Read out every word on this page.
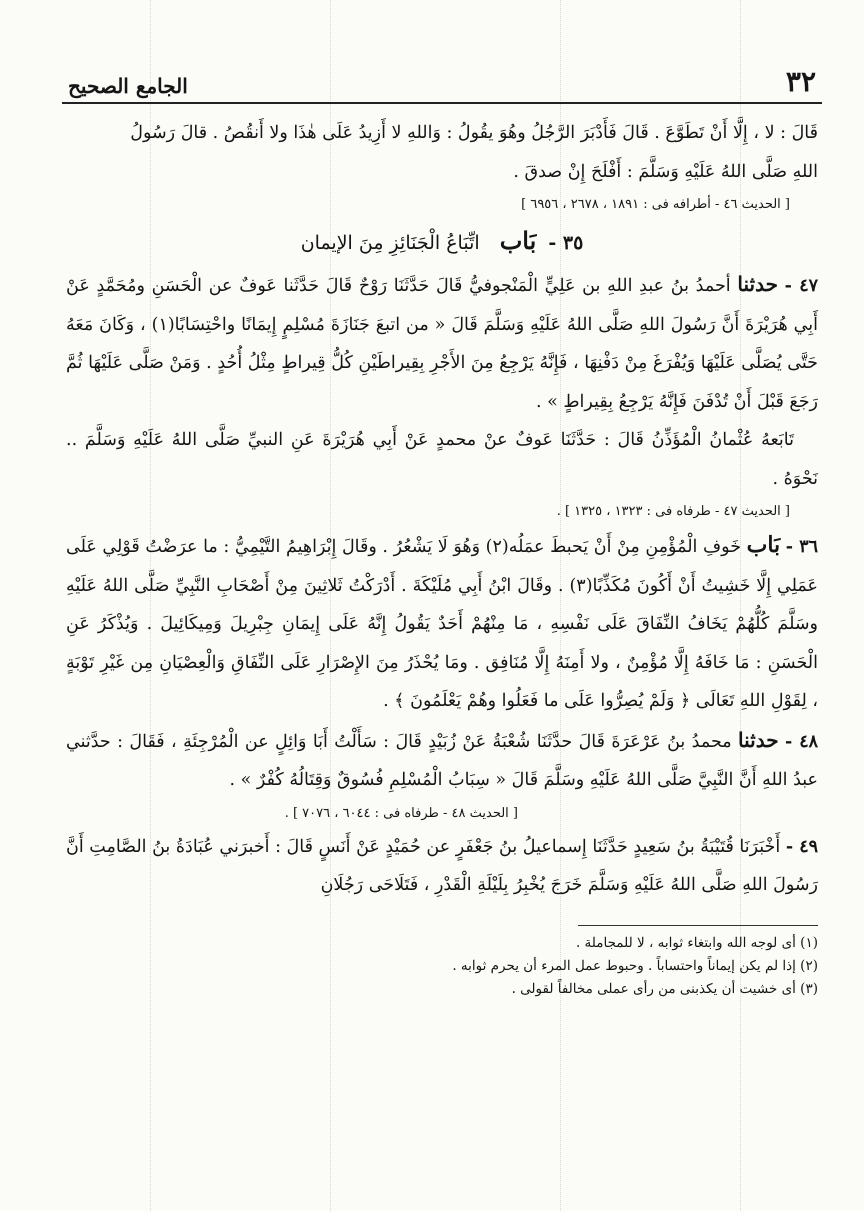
٣٢
الجامع الصحيح

قَالَ : لا ، إِلَّا أَنْ تَطَوَّعَ . قَالَ فَأَدْبَرَ الرَّجُلُ وهُوَ يقُولُ : وَاللهِ لا أَزِيدُ عَلَى هٰذَا ولا أَنقُصُ . قالَ رَسُولُ

اللهِ صَلَّى اللهُ عَلَيْهِ وَسَلَّمَ : أَفْلَحَ إِنْ صدقَ .

[ الحديث ٤٦ - أطرافه فى : ١٨٩١ ، ٢٦٧٨ ، ٦٩٥٦ ]
٣٥ - بَاب اتِّبَاعُ الْجَنَائِزِ مِنَ الإيمان

٤٧ - حدثنا أحمدُ بنُ عبدِ اللهِ بن عَلِيٍّ الْمَنْجوفيُّ قَالَ حَدَّثَنَا رَوْحٌ قَالَ حَدَّثَنا عَوفٌ عن الْحَسَنِ ومُحَمَّدٍ عَنْ أَبِي هُرَيْرَةَ أَنَّ رَسُولَ اللهِ صَلَّى اللهُ عَلَيْهِ وَسَلَّمَ قَالَ « من اتبعَ جَنَازَةَ مُسْلِمٍ إِيمَانًا واحْتِسَابًا(١) ، وَكَانَ مَعَهُ حَتَّى يُصَلَّى عَلَيْهَا وَيُفْرَغَ مِنْ دَفْنِهَا ، فَإِنَّهُ يَرْجِعُ مِنَ الأَجْرِ بِقِيراطَيْنِ كُلُّ قِيراطٍ مِثْلُ أُحُدٍ . وَمَنْ صَلَّى عَلَيْهَا ثُمَّ رَجَعَ قَبْلَ أَنْ تُدْفَنَ فَإِنَّهُ يَرْجِعُ بِقِيراطٍ » .

تَابَعهُ عُثْمانُ الْمُؤَذِّنُ قَالَ : حَدَّثَنَا عَوفٌ عنْ محمدٍ عَنْ أَبِي هُرَيْرَةَ عَنِ النبيِّ صَلَّى اللهُ عَلَيْهِ وَسَلَّمَ .. نَحْوَهُ .

[ الحديث ٤٧ - طرفاه فى : ١٣٢٣ ، ١٣٢٥ ] .

٣٦ - بَاب خَوفِ الْمُؤْمِنِ مِنْ أَنْ يَحبطَ عمَلُه(٢) وَهُوَ لَا يَشْعُرُ . وقَالَ إِبْرَاهِيمُ التَّيْمِيُّ : ما عرَضْتُ قَوْلِي عَلَى عَمَلِي إِلَّا خَشِيتُ أَنْ أَكُونَ مُكَذِّبًا(٣) . وقَالَ ابْنُ أَبِي مُلَيْكَةَ . أَدْرَكْتُ ثَلاثِينَ مِنْ أَصْحَابِ النَّبِيِّ صَلَّى اللهُ عَلَيْهِ وسَلَّمَ كُلُّهُمْ يَخَافُ النِّفَاقَ عَلَى نَفْسِهِ ، مَا مِنْهُمْ أَحَدٌ يَقُولُ إِنَّهُ عَلَى إِيمَانِ جِبْرِيلَ وَمِيكَائِيلَ . وَيُذْكَرُ عَنِ الْحَسَنِ : مَا خَافَهُ إِلَّا مُؤْمِنٌ ، ولا أَمِنَهُ إِلَّا مُنَافِق . ومَا يُحْذَرُ مِنَ الإِصْرَارِ عَلَى النِّفَاقِ وَالْعِصْيَانِ مِن غَيْرِ تَوْبَةٍ ، لِقَوْلِ اللهِ تَعَالَى ﴿ وَلَمْ يُصِرُّوا عَلَى ما فَعَلُوا وهُمْ يَعْلَمُونَ ﴾ .

٤٨ - حدثنا محمدُ بنُ عَرْعَرَةَ قَالَ حدَّثَنَا شُعْبَةُ عَنْ زُبَيْدٍ قَالَ : سَأَلْتُ أَبَا وَائِلٍ عن الْمُرْجِئَةِ ، فَقَالَ : حدَّثني عبدُ اللهِ أَنَّ النَّبِيَّ صَلَّى اللهُ عَلَيْهِ وسَلَّمَ قَالَ « سِبَابُ الْمُسْلِمِ فُسُوقٌ وَقِتَالُهُ كُفْرٌ » .

[ الحديث ٤٨ - طرفاه فى : ٦٠٤٤ ، ٧٠٧٦ ] .

٤٩ - أَخْبَرَنَا قُتَيْبَةُ بنُ سَعِيدٍ حَدَّثَنَا إِسماعيلُ بنُ جَعْفَرٍ عن حُمَيْدٍ عَنْ أَنَسٍ قَالَ : أَخبرَني عُبَادَةُ بنُ الصَّامِتِ أَنَّ رَسُولَ اللهِ صَلَّى اللهُ عَلَيْهِ وَسَلَّمَ خَرَجَ يُخْبِرُ بِلَيْلَةِ الْقَدْرِ ، فَتَلَاحَى رَجُلَانِ

(١) أى لوجه الله وابتغاء ثوابه ، لا للمجاملة .
(٢) إذا لم يكن إيماناً واحتساباً . وحبوط عمل المرء أن يحرم ثوابه .
(٣) أى خشيت أن يكذبنى من رأى عملى مخالفاً لقولى .
